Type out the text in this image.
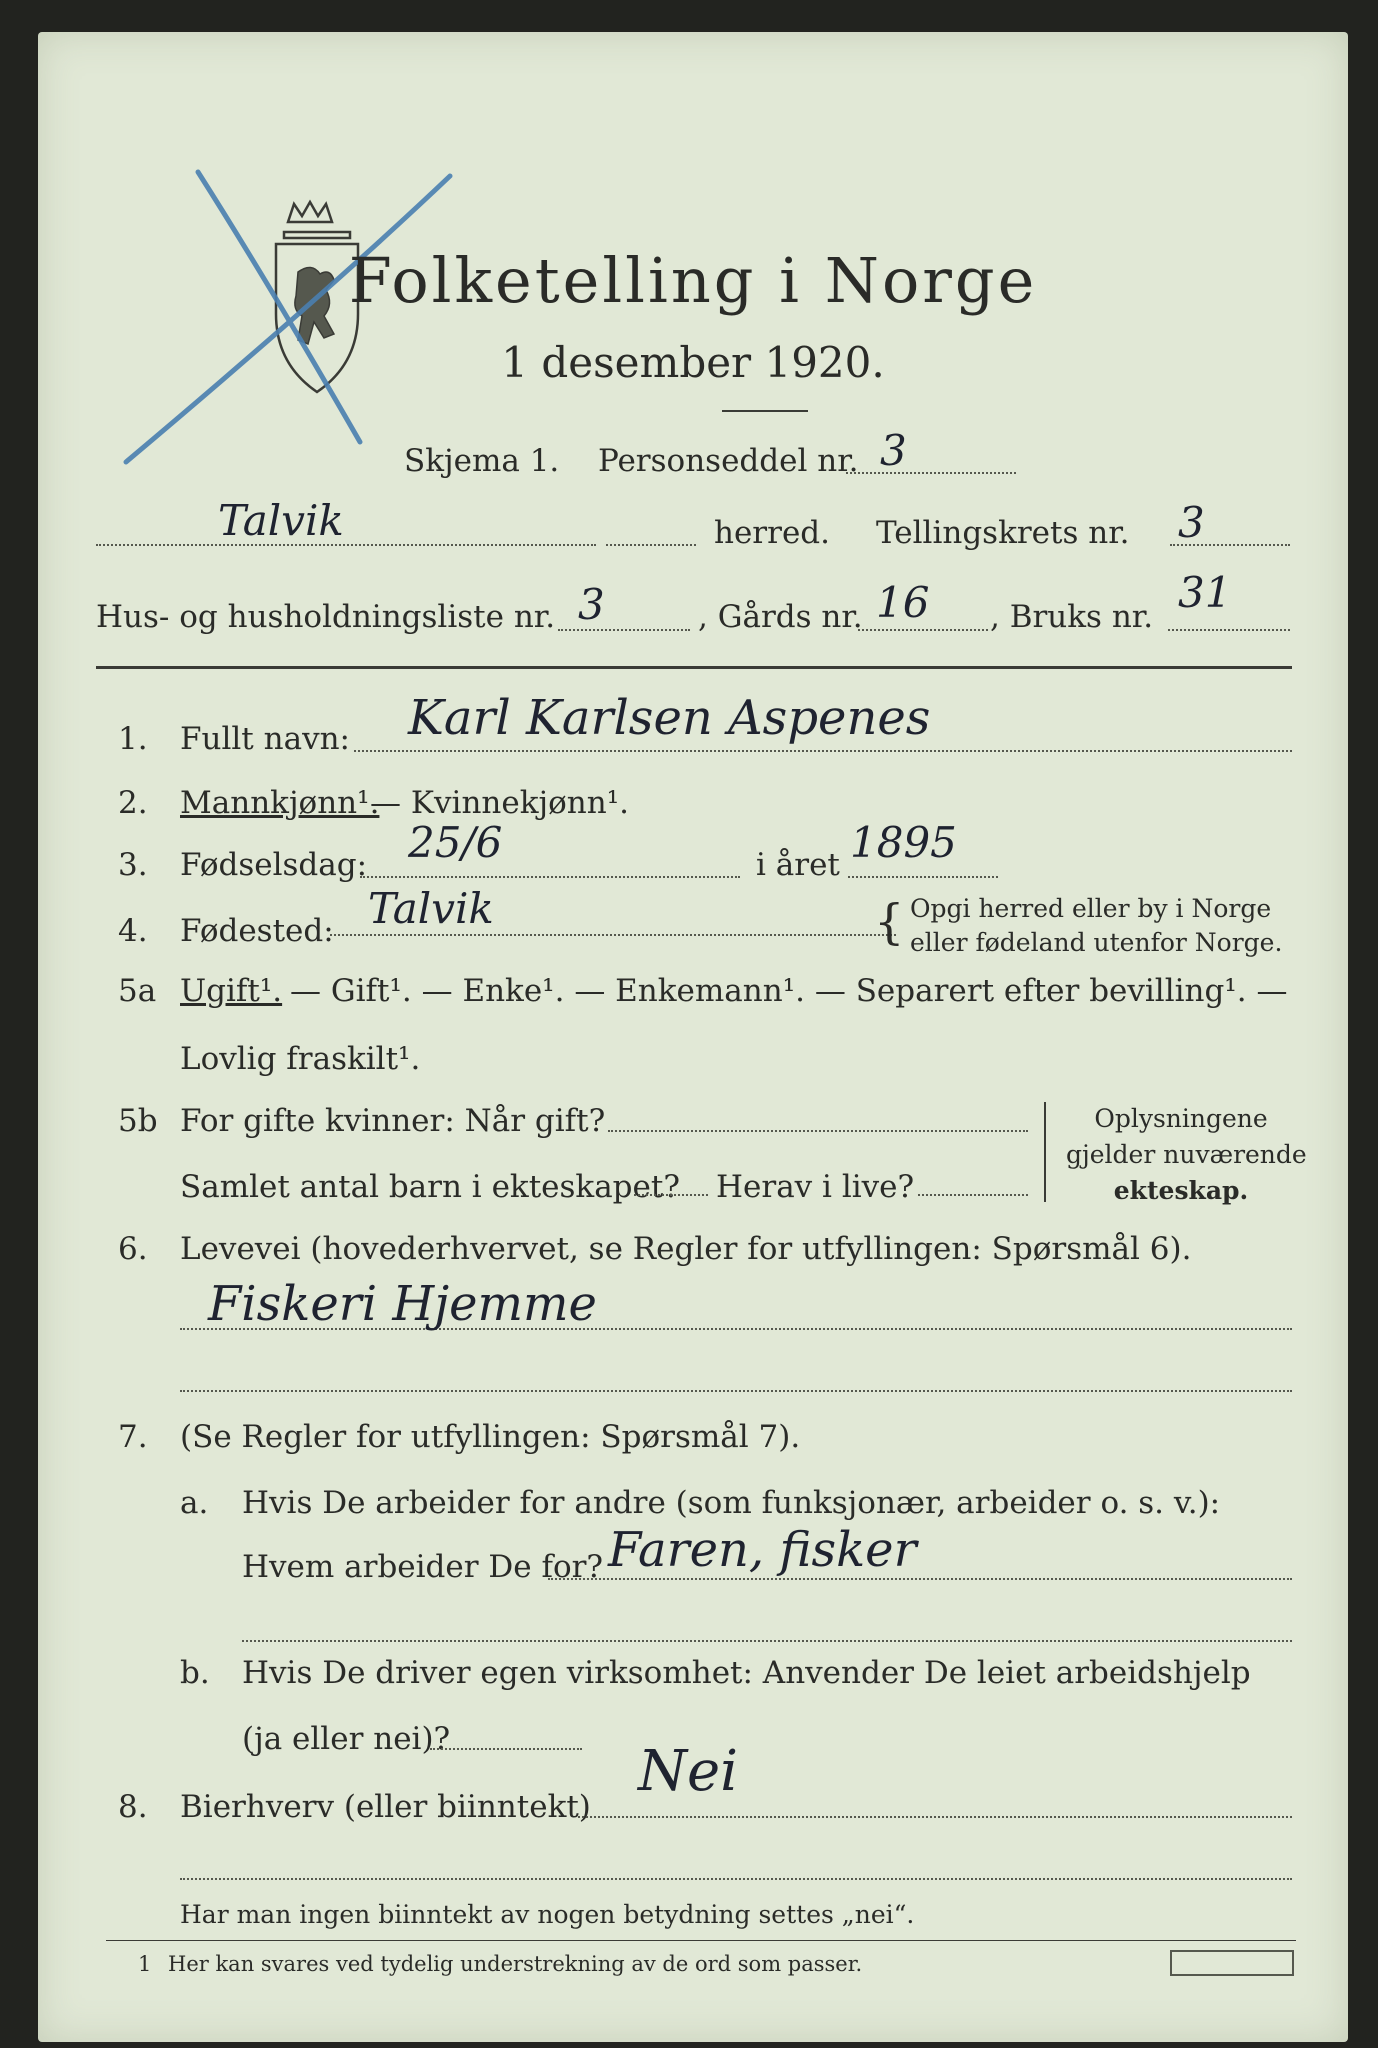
Folketelling i Norge
1 desember 1920.
Skjema 1. Personseddel nr. 3
Talvik	herred. Tellingskrets nr. 3
Hus- og husholdningsliste nr. 3	, Gårds nr. 16 , Bruks nr. 31
1. Fullt navn: Karl Karlsen Aspenes
2. Mannkjønn¹.
— Kvinnekjønn¹.
3. Fødselsdag: 25/6	i året 1895
4. Fødested: Talvik	{ Opgi herred eller by i Norge
eller fødeland utenfor Norge.
5a Ugift¹. — Gift¹. — Enke¹. — Enkemann¹. — Separert efter bevilling¹. —
Lovlig fraskilt¹.
5b For gifte kvinner: Når gift?
Samlet antal barn i ekteskapet? Herav i live?
Oplysningene
gjelder nuværende
ekteskap.
6. Levevei (hovederhvervet, se Regler for utfyllingen: Spørsmål 6).
Fiskeri Hjemme
7. (Se Regler for utfyllingen: Spørsmål 7).
a. Hvis De arbeider for andre (som funksjonær, arbeider o. s. v.):
Hvem arbeider De for? Faren, fisker
b. Hvis De driver egen virksomhet: Anvender De leiet arbeidshjelp
(ja eller nei)?
8. Bierhverv (eller biinntekt)
Nei
Har man ingen biinntekt av nogen betydning settes „nei“.
1 Her kan svares ved tydelig understrekning av de ord som passer.
